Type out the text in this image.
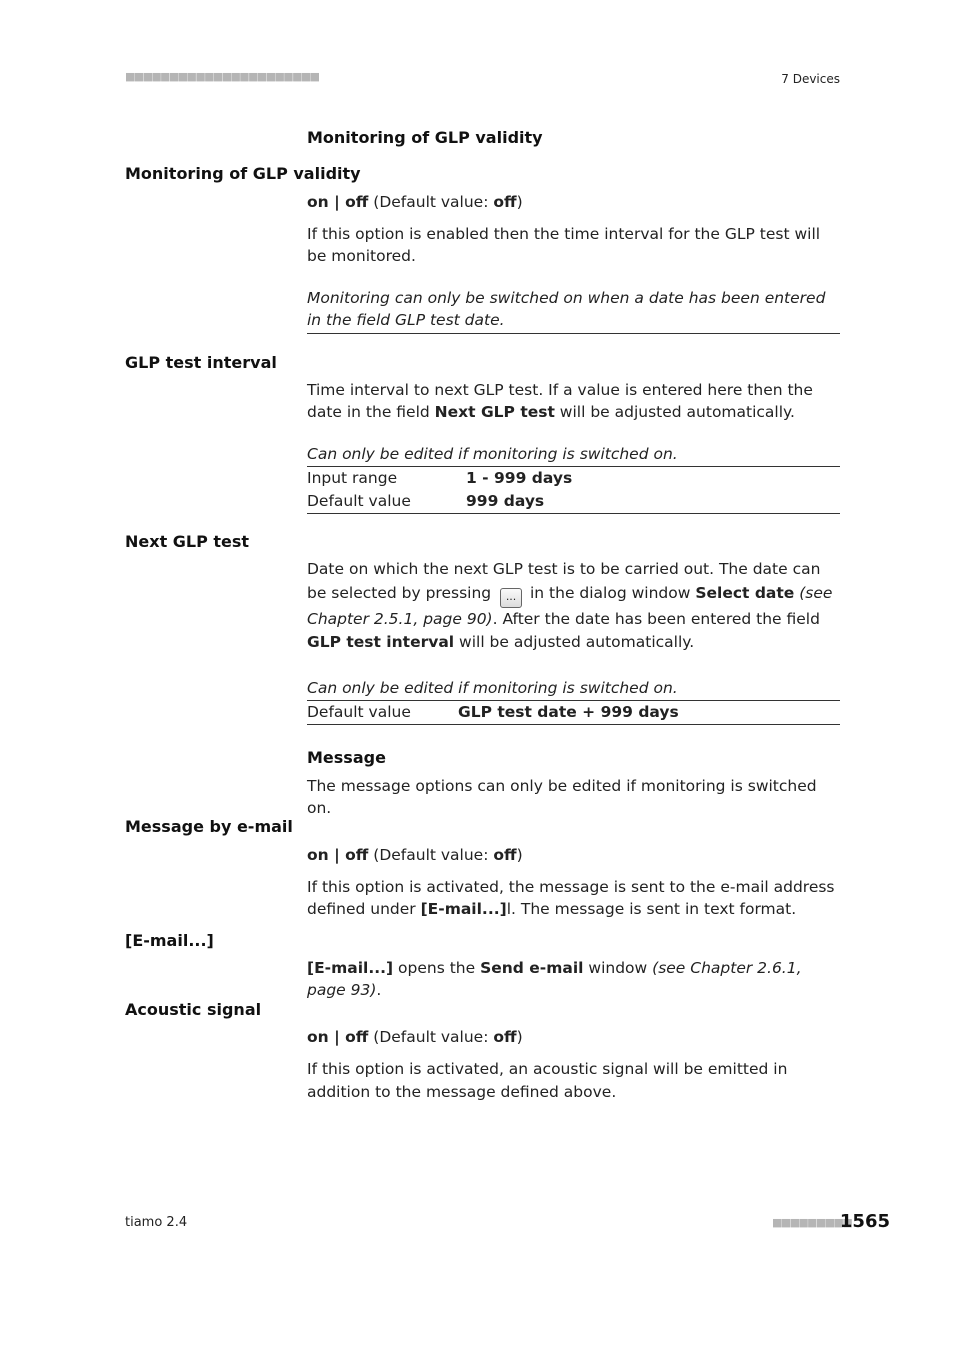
■■■■■■■■■■■■■■■■■■■■■■	7 Devices
Monitoring of GLP validity
Monitoring of GLP validity
on | off (Default value: off)
If this option is enabled then the time interval for the GLP test will be monitored.
Monitoring can only be switched on when a date has been entered in the field GLP test date.
GLP test interval
Time interval to next GLP test. If a value is entered here then the date in the field Next GLP test will be adjusted automatically.
Can only be edited if monitoring is switched on.
Input range	1 - 999 days
Default value	999 days
Next GLP test
Date on which the next GLP test is to be carried out. The date can be selected by pressing ... in the dialog window Select date (see Chapter 2.5.1, page 90). After the date has been entered the field GLP test interval will be adjusted automatically.
Can only be edited if monitoring is switched on.
Default value	GLP test date + 999 days
Message
The message options can only be edited if monitoring is switched on.
Message by e-mail
on | off (Default value: off)
If this option is activated, the message is sent to the e-mail address defined under [E-mail...]l. The message is sent in text format.
[E-mail...]
[E-mail...] opens the Send e-mail window (see Chapter 2.6.1, page 93).
Acoustic signal
on | off (Default value: off)
If this option is activated, an acoustic signal will be emitted in addition to the message defined above.
tiamo 2.4	■■■■■■■■■
1565
